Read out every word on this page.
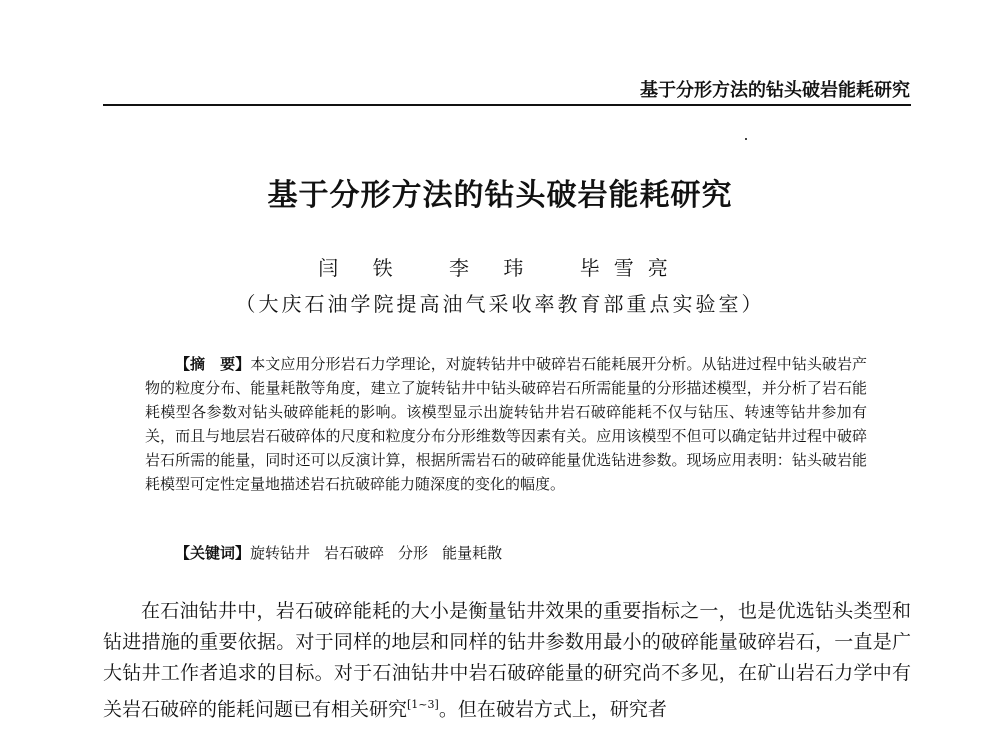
基于分形方法的钻头破岩能耗研究
基于分形方法的钻头破岩能耗研究
闫 铁 李 玮 毕雪亮
（大庆石油学院提高油气采收率教育部重点实验室）

【摘　要】本文应用分形岩石力学理论，对旋转钻井中破碎岩石能耗展开分析。从钻进过程中钻头破岩产物的粒度分布、能量耗散等角度，建立了旋转钻井中钻头破碎岩石所需能量的分形描述模型，并分析了岩石能耗模型各参数对钻头破碎能耗的影响。该模型显示出旋转钻井岩石破碎能耗不仅与钻压、转速等钻井参加有关，而且与地层岩石破碎体的尺度和粒度分布分形维数等因素有关。应用该模型不但可以确定钻井过程中破碎岩石所需的能量，同时还可以反演计算，根据所需岩石的破碎能量优选钻进参数。现场应用表明：钻头破岩能耗模型可定性定量地描述岩石抗破碎能力随深度的变化的幅度。

【关键词】旋转钻井 岩石破碎 分形 能量耗散

在石油钻井中，岩石破碎能耗的大小是衡量钻井效果的重要指标之一，也是优选钻头类型和钻进措施的重要依据。对于同样的地层和同样的钻井参数用最小的破碎能量破碎岩石，一直是广大钻井工作者追求的目标。对于石油钻井中岩石破碎能量的研究尚不多见，在矿山岩石力学中有关岩石破碎的能耗问题已有相关研究[1~3]。但在破岩方式上，研究者
